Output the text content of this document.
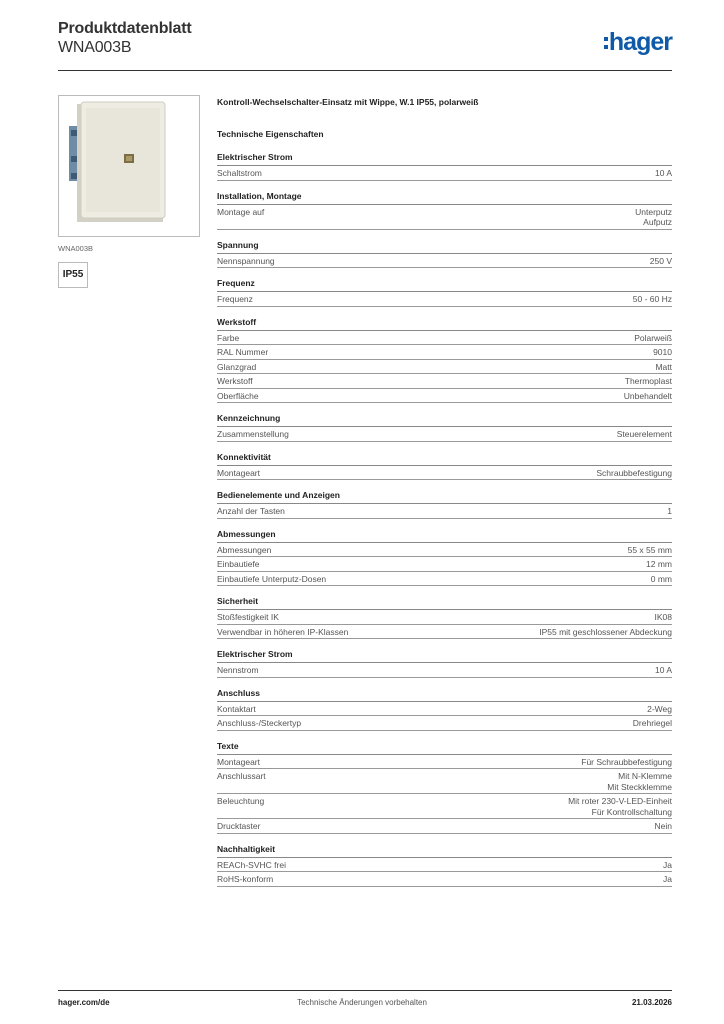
Produktdatenblatt
WNA003B	hager
WNA003B
IP55
Kontroll-Wechselschalter-Einsatz mit Wippe, W.1 IP55, polarweiß
Technische Eigenschaften
Elektrischer Strom
Schaltstrom	10 A
Installation, Montage
Montage auf	Unterputz
Aufputz
Spannung
Nennspannung	250 V
Frequenz
Frequenz	50 - 60 Hz
Werkstoff
Farbe	Polarweiß
RAL Nummer	9010
Glanzgrad	Matt
Werkstoff	Thermoplast
Oberfläche	Unbehandelt
Kennzeichnung
Zusammenstellung	Steuerelement
Konnektivität
Montageart	Schraubbefestigung
Bedienelemente und Anzeigen
Anzahl der Tasten	1
Abmessungen
Abmessungen	55 x 55 mm
Einbautiefe	12 mm
Einbautiefe Unterputz-Dosen	0 mm
Sicherheit
Stoßfestigkeit IK	IK08
Verwendbar in höheren IP-Klassen	IP55 mit geschlossener Abdeckung
Elektrischer Strom
Nennstrom	10 A
Anschluss
Kontaktart	2-Weg
Anschluss-/Steckertyp	Drehriegel
Texte
Montageart	Für Schraubbefestigung
Anschlussart	Mit N-Klemme
Mit Steckklemme
Beleuchtung	Mit roter 230-V-LED-Einheit
Für Kontrollschaltung
Drucktaster	Nein
Nachhaltigkeit
REACh-SVHC frei	Ja
RoHS-konform	Ja
hager.com/de	Technische Änderungen vorbehalten	21.03.2026
